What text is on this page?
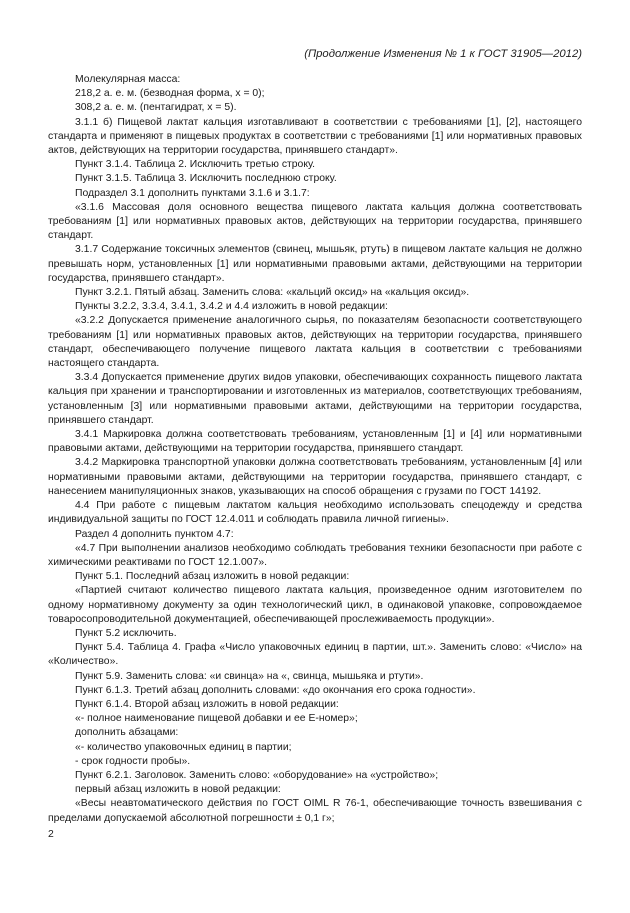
(Продолжение Изменения № 1 к ГОСТ 31905—2012)

Молекулярная масса:

218,2 а. е. м. (безводная форма, x = 0);

308,2 а. е. м. (пентагидрат, x = 5).

3.1.1 б) Пищевой лактат кальция изготавливают в соответствии с требованиями [1], [2], настоящего стандарта и применяют в пищевых продуктах в соответствии с требованиями [1] или нормативных правовых актов, действующих на территории государства, принявшего стандарт».

Пункт 3.1.4. Таблица 2. Исключить третью строку.

Пункт 3.1.5. Таблица 3. Исключить последнюю строку.

Подраздел 3.1 дополнить пунктами 3.1.6 и 3.1.7:

«3.1.6 Массовая доля основного вещества пищевого лактата кальция должна соответствовать требованиям [1] или нормативных правовых актов, действующих на территории государства, принявшего стандарт.

3.1.7 Содержание токсичных элементов (свинец, мышьяк, ртуть) в пищевом лактате кальция не должно превышать норм, установленных [1] или нормативными правовыми актами, действующими на территории государства, принявшего стандарт».

Пункт 3.2.1. Пятый абзац. Заменить слова: «кальций оксид» на «кальция оксид».

Пункты 3.2.2, 3.3.4, 3.4.1, 3.4.2 и 4.4 изложить в новой редакции:

«3.2.2 Допускается применение аналогичного сырья, по показателям безопасности соответствующего требованиям [1] или нормативных правовых актов, действующих на территории государства, принявшего стандарт, обеспечивающего получение пищевого лактата кальция в соответствии с требованиями настоящего стандарта.

3.3.4 Допускается применение других видов упаковки, обеспечивающих сохранность пищевого лактата кальция при хранении и транспортировании и изготовленных из материалов, соответствующих требованиям, установленным [3] или нормативными правовыми актами, действующими на территории государства, принявшего стандарт.

3.4.1 Маркировка должна соответствовать требованиям, установленным [1] и [4] или нормативными правовыми актами, действующими на территории государства, принявшего стандарт.

3.4.2 Маркировка транспортной упаковки должна соответствовать требованиям, установленным [4] или нормативными правовыми актами, действующими на территории государства, принявшего стандарт, с нанесением манипуляционных знаков, указывающих на способ обращения с грузами по ГОСТ 14192.

4.4 При работе с пищевым лактатом кальция необходимо использовать спецодежду и средства индивидуальной защиты по ГОСТ 12.4.011 и соблюдать правила личной гигиены».

Раздел 4 дополнить пунктом 4.7:

«4.7 При выполнении анализов необходимо соблюдать требования техники безопасности при работе с химическими реактивами по ГОСТ 12.1.007».

Пункт 5.1. Последний абзац изложить в новой редакции:

«Партией считают количество пищевого лактата кальция, произведенное одним изготовителем по одному нормативному документу за один технологический цикл, в одинаковой упаковке, сопровождаемое товаросопроводительной документацией, обеспечивающей прослеживаемость продукции».

Пункт 5.2 исключить.

Пункт 5.4. Таблица 4. Графа «Число упаковочных единиц в партии, шт.». Заменить слово: «Число» на «Количество».

Пункт 5.9. Заменить слова: «и свинца» на «, свинца, мышьяка и ртути».

Пункт 6.1.3. Третий абзац дополнить словами: «до окончания его срока годности».

Пункт 6.1.4. Второй абзац изложить в новой редакции:

«- полное наименование пищевой добавки и ее Е-номер»;

дополнить абзацами:

«- количество упаковочных единиц в партии;

- срок годности пробы».

Пункт 6.2.1. Заголовок. Заменить слово: «оборудование» на «устройство»;

первый абзац изложить в новой редакции:

«Весы неавтоматического действия по ГОСТ OIML R 76-1, обеспечивающие точность взвешивания с пределами допускаемой абсолютной погрешности ± 0,1 г»;

2
